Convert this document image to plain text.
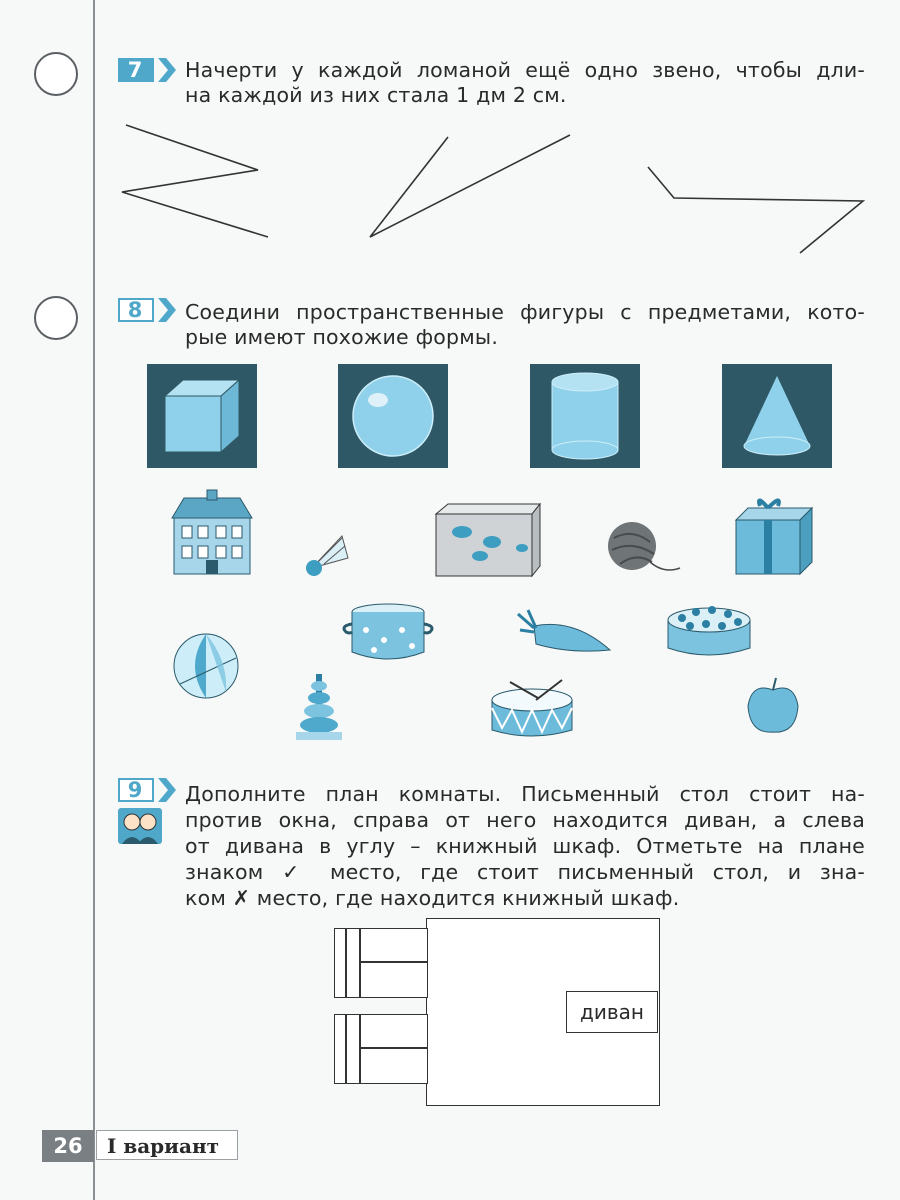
7	Начерти у каждой ломаной ещё одно звено, чтобы дли-
на каждой из них стала 1 дм 2 см.
8	Соедини пространственные фигуры с предметами, кото-
рые имеют похожие формы.
9	Дополните план комнаты. Письменный стол стоит на-
против окна, справа от него находится диван, а слева
от дивана в углу – книжный шкаф. Отметьте на плане
знаком ✓ место, где стоит письменный стол, и зна-
ком ✗ место, где находится книжный шкаф.
диван
26	I вариант
